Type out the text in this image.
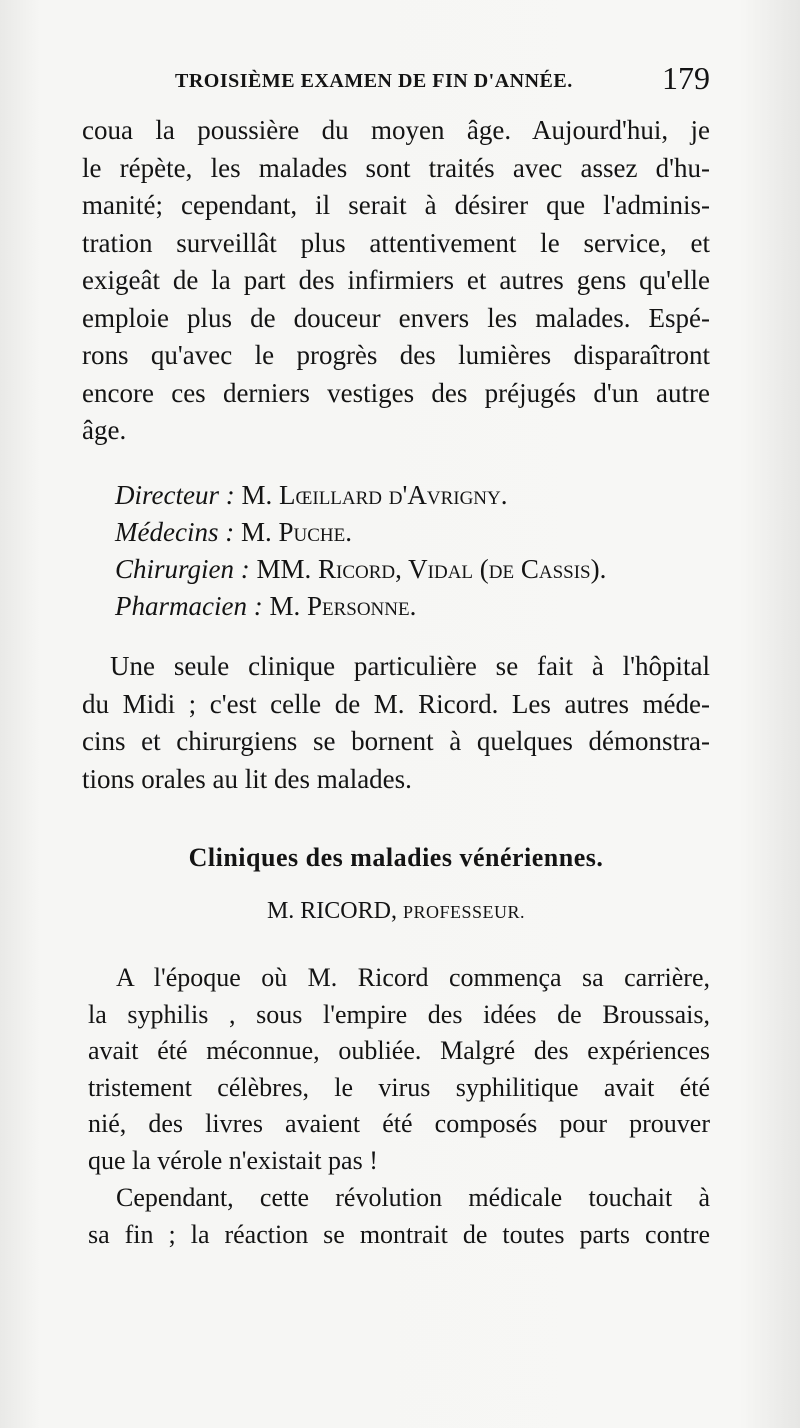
TROISIÈME EXAMEN DE FIN D'ANNÉE.	179
coua la poussière du moyen âge. Aujourd'hui, je
le répète, les malades sont traités avec assez d'hu-
manité; cependant, il serait à désirer que l'adminis-
tration surveillât plus attentivement le service, et
exigeât de la part des infirmiers et autres gens qu'elle
emploie plus de douceur envers les malades. Espé-
rons qu'avec le progrès des lumières disparaîtront
encore ces derniers vestiges des préjugés d'un autre
âge.
Directeur : M. Lœillard d'Avrigny.
Médecins : M. Puche.
Chirurgien : MM. Ricord, Vidal (de Cassis).
Pharmacien : M. Personne.
Une seule clinique particulière se fait à l'hôpital
du Midi ; c'est celle de M. Ricord. Les autres méde-
cins et chirurgiens se bornent à quelques démonstra-
tions orales au lit des malades.
Cliniques des maladies vénériennes.
M. RICORD, PROFESSEUR.
A l'époque où M. Ricord commença sa carrière,
la syphilis , sous l'empire des idées de Broussais,
avait été méconnue, oubliée. Malgré des expériences
tristement célèbres, le virus syphilitique avait été
nié, des livres avaient été composés pour prouver
que la vérole n'existait pas !
Cependant, cette révolution médicale touchait à
sa fin ; la réaction se montrait de toutes parts contre
